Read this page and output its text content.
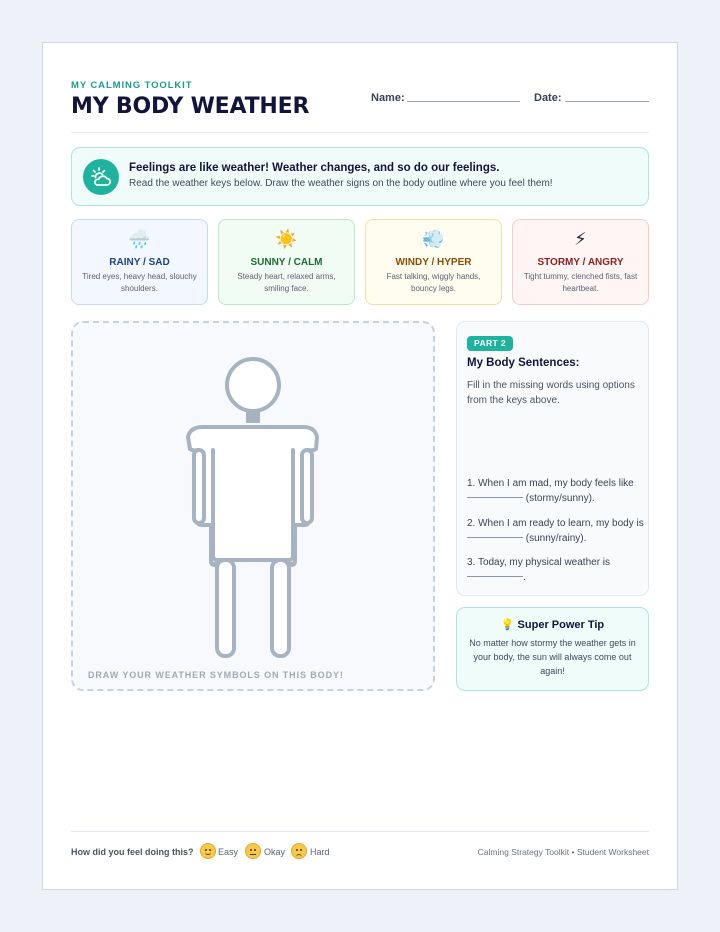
MY CALMING TOOLKIT
MY BODY WEATHER	Name:	Date:
Feelings are like weather! Weather changes, and so do our feelings.
Read the weather keys below. Draw the weather signs on the body outline where you feel them!
🌧️
RAINY / SAD
Tired eyes, heavy head, slouchy shoulders.
☀️
SUNNY / CALM
Steady heart, relaxed arms, smiling face.
💨
WINDY / HYPER
Fast talking, wiggly hands, bouncy legs.
⚡
STORMY / ANGRY
Tight tummy, clenched fists, fast heartbeat.
DRAW YOUR WEATHER SYMBOLS ON THIS BODY!
PART 2
My Body Sentences:
Fill in the missing words using options from the keys above.
1. When I am mad, my body feels like  (stormy/sunny).
2. When I am ready to learn, my body is  (sunny/rainy).
3. Today, my physical weather is .
💡 Super Power Tip
No matter how stormy the weather gets in your body, the sun will always come out again!
How did you feel doing this?	Easy	Okay	Hard	Calming Strategy Toolkit • Student Worksheet
